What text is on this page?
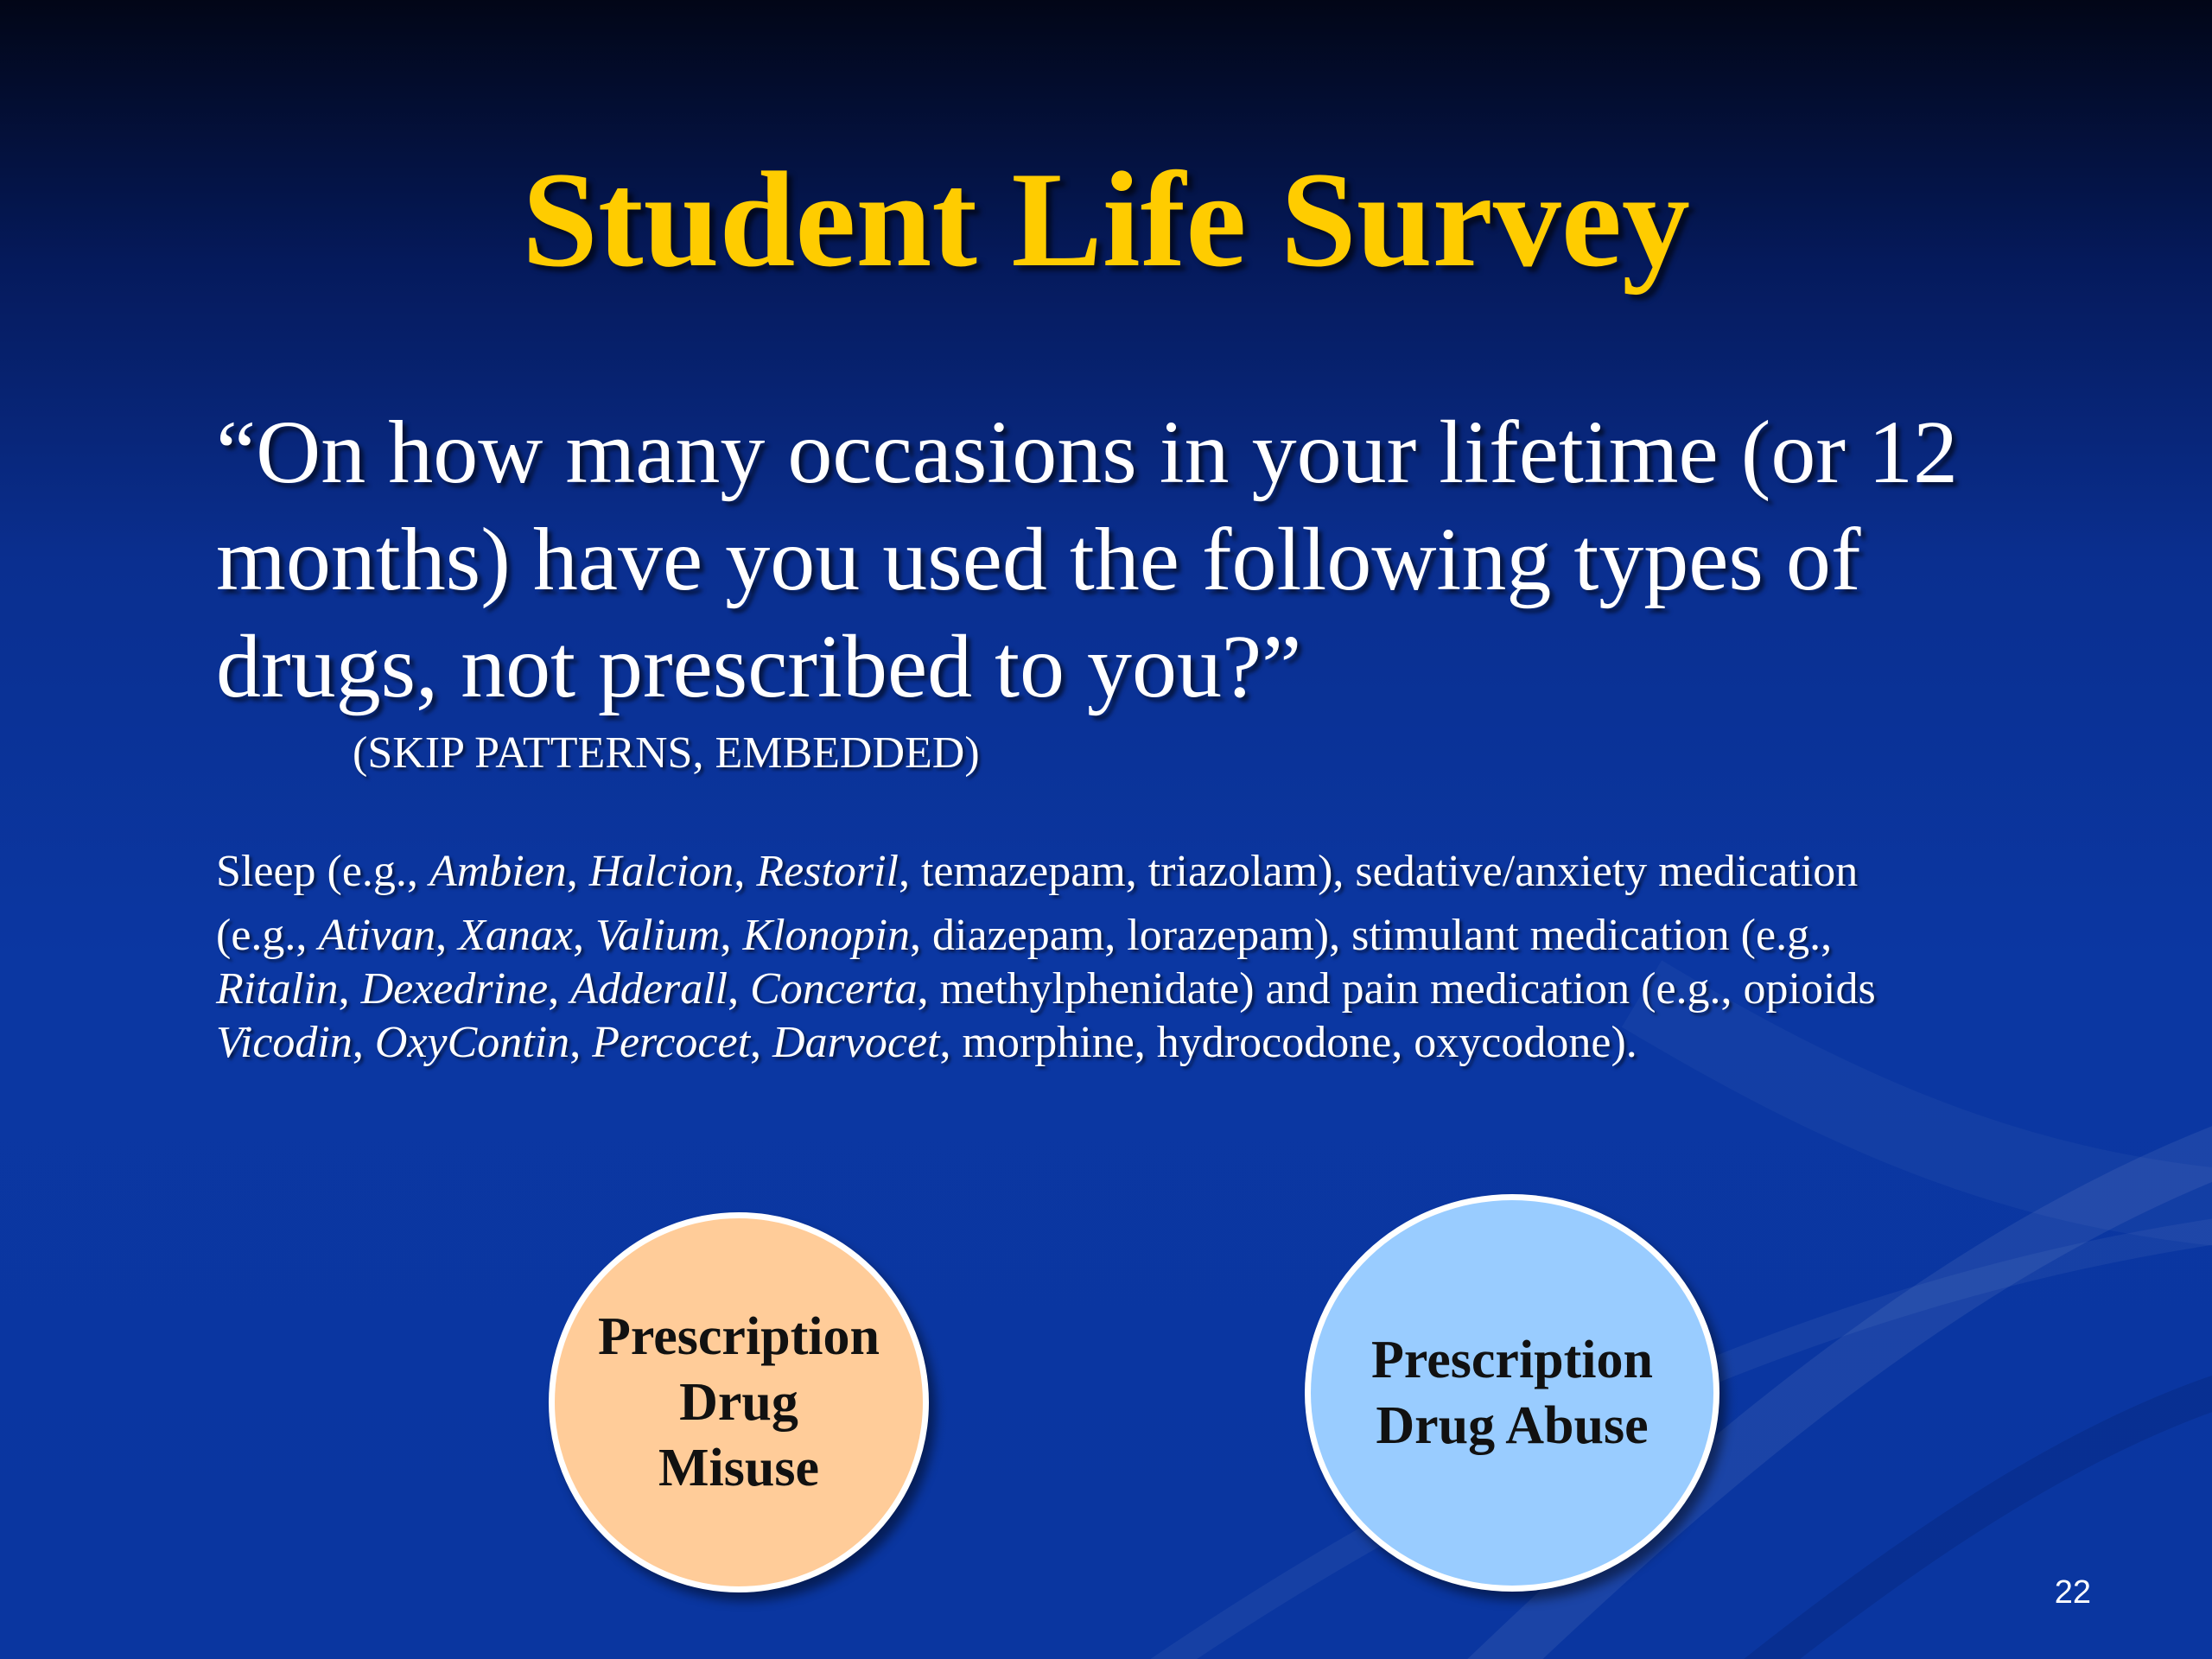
Student Life Survey
“On how many occasions in your lifetime (or 12 months) have you used the following types of drugs, not prescribed to you?”
(SKIP PATTERNS, EMBEDDED)
Sleep (e.g., Ambien, Halcion, Restoril, temazepam, triazolam), sedative/anxiety medication
(e.g., Ativan, Xanax, Valium, Klonopin, diazepam, lorazepam), stimulant medication (e.g.,
Ritalin, Dexedrine, Adderall, Concerta, methylphenidate) and pain medication (e.g., opioids
Vicodin, OxyContin, Percocet, Darvocet, morphine, hydrocodone, oxycodone).
Prescription
Drug
Misuse
Prescription
Drug Abuse
22
